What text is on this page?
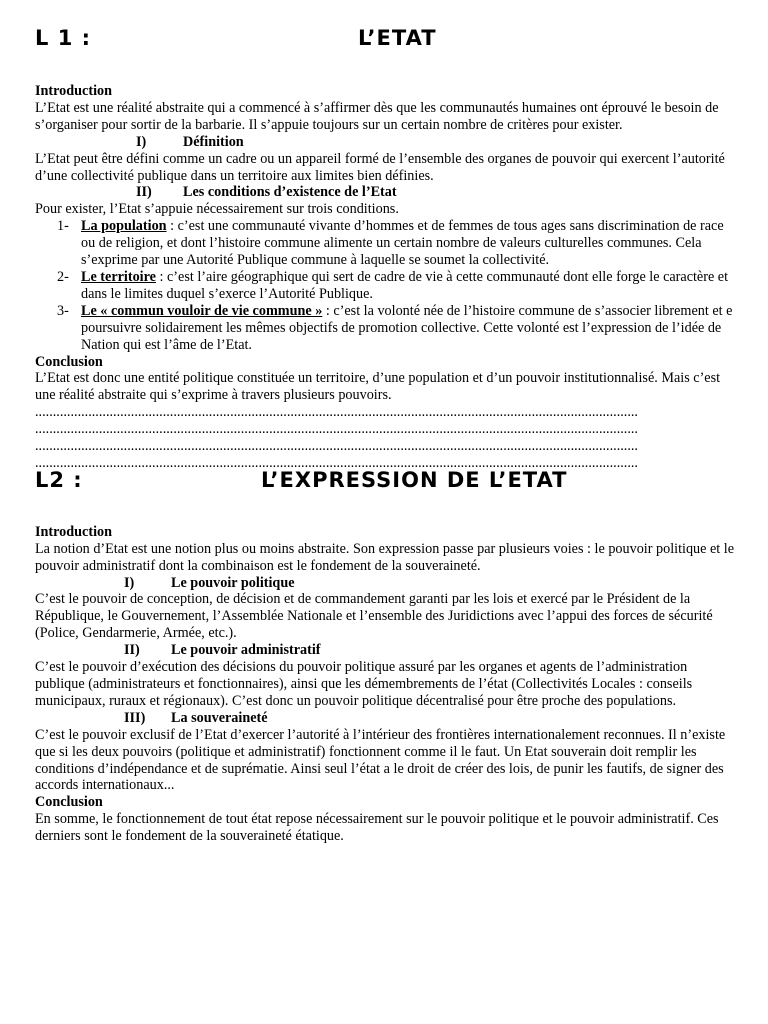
L 1 :	L’ETAT
Introduction

L’Etat est une réalité abstraite qui a commencé à s’affirmer dès que les communautés humaines ont éprouvé le besoin de s’organiser pour sortir de la barbarie. Il s’appuie toujours sur un certain nombre de critères pour exister.

I)	Définition

L’Etat peut être défini comme un cadre ou un appareil formé de l’ensemble des organes de pouvoir qui exercent l’autorité d’une collectivité publique dans un territoire aux limites bien définies.

II) Les conditions d’existence de l’Etat

Pour exister, l’Etat s’appuie nécessairement sur trois conditions.

1- La population : c’est une communauté vivante d’hommes et de femmes de tous ages sans discrimination de race ou de religion, et dont l’histoire commune alimente un certain nombre de valeurs culturelles communes. Cela s’exprime par une Autorité Publique commune à laquelle se soumet la collectivité.
2- Le territoire : c’est l’aire géographique qui sert de cadre de vie à cette communauté dont elle forge le caractère et dans le limites duquel s’exerce l’Autorité Publique.
3- Le « commun vouloir de vie commune » : c’est la volonté née de l’histoire commune de s’associer librement et e poursuivre solidairement les mêmes objectifs de promotion collective. Cette volonté est l’expression de l’idée de Nation qui est l’âme de l’Etat.
Conclusion

L’Etat est donc une entité politique constituée un territoire, d’une population et d’un pouvoir institutionnalisé. Mais c’est une réalité abstraite qui s’exprime à travers plusieurs pouvoirs.

..........................................................................................................................................................................
..........................................................................................................................................................................
..........................................................................................................................................................................
..........................................................................................................................................................................
L2 :	L’EXPRESSION DE L’ETAT
Introduction

La notion d’Etat est une notion plus ou moins abstraite. Son expression passe par plusieurs voies : le pouvoir politique et le pouvoir administratif dont la combinaison est le fondement de la souveraineté.

I)	Le pouvoir politique

C’est le pouvoir de conception, de décision et de commandement garanti par les lois et exercé par le Président de la République, le Gouvernement, l’Assemblée Nationale et l’ensemble des Juridictions avec l’appui des forces de sécurité (Police, Gendarmerie, Armée, etc.).

II) Le pouvoir administratif

C’est le pouvoir d’exécution des décisions du pouvoir politique assuré par les organes et agents de l’administration publique (administrateurs et fonctionnaires), ainsi que les démembrements de l’état (Collectivités Locales : conseils municipaux, ruraux et régionaux). C’est donc un pouvoir politique décentralisé pour être proche des populations.

III) La souveraineté

C’est le pouvoir exclusif de l’Etat d’exercer l’autorité à l’intérieur des frontières internationalement reconnues. Il n’existe que si les deux pouvoirs (politique et administratif) fonctionnent comme il le faut. Un Etat souverain doit remplir les conditions d’indépendance et de suprématie. Ainsi seul l’état a le droit de créer des lois, de punir les fautifs, de signer des accords internationaux...

Conclusion

En somme, le fonctionnement de tout état repose nécessairement sur le pouvoir politique et le pouvoir administratif. Ces derniers sont le fondement de la souveraineté étatique.
